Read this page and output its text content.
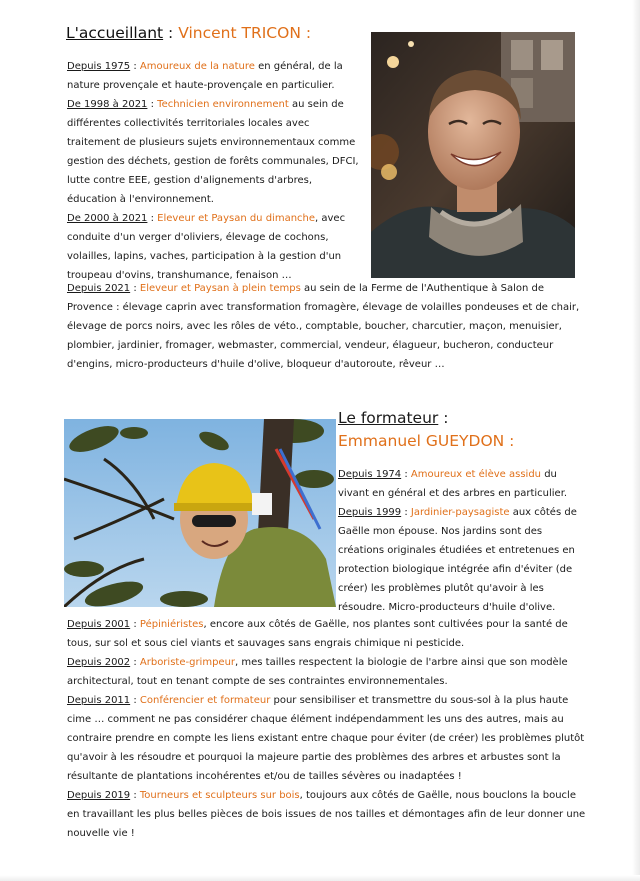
L'accueillant : Vincent TRICON :

Depuis 1975 : Amoureux de la nature en général, de la nature provençale et haute-provençale en particulier.

De 1998 à 2021 : Technicien environnement au sein de différentes collectivités territoriales locales avec traitement de plusieurs sujets environnementaux comme gestion des déchets, gestion de forêts communales, DFCI, lutte contre EEE, gestion d'alignements d'arbres, éducation à l'environnement.

De 2000 à 2021 : Eleveur et Paysan du dimanche, avec conduite d'un verger d'oliviers, élevage de cochons, volailles, lapins, vaches, participation à la gestion d'un troupeau d'ovins, transhumance, fenaison …

Depuis 2021 : Eleveur et Paysan à plein temps au sein de la Ferme de l'Authentique à Salon de Provence : élevage caprin avec transformation fromagère, élevage de volailles pondeuses et de chair, élevage de porcs noirs, avec les rôles de véto., comptable, boucher, charcutier, maçon, menuisier, plombier, jardinier, fromager, webmaster, commercial, vendeur, élagueur, bucheron, conducteur d'engins, micro-producteurs d'huile d'olive, bloqueur d'autoroute, rêveur …

Le formateur :
Emmanuel GUEYDON :

Depuis 1974 : Amoureux et élève assidu du vivant en général et des arbres en particulier.

Depuis 1999 : Jardinier-paysagiste aux côtés de Gaëlle mon épouse. Nos jardins sont des créations originales étudiées et entretenues en protection biologique intégrée afin d'éviter (de créer) les problèmes plutôt qu'avoir à les résoudre. Micro-producteurs d'huile d'olive.

Depuis 2001 : Pépiniéristes, encore aux côtés de Gaëlle, nos plantes sont cultivées pour la santé de tous, sur sol et sous ciel viants et sauvages sans engrais chimique ni pesticide.

Depuis 2002 : Arboriste-grimpeur, mes tailles respectent la biologie de l'arbre ainsi que son modèle architectural, tout en tenant compte de ses contraintes environnementales.

Depuis 2011 : Conférencier et formateur pour sensibiliser et transmettre du sous-sol à la plus haute cime … comment ne pas considérer chaque élément indépendamment les uns des autres, mais au contraire prendre en compte les liens existant entre chaque pour éviter (de créer) les problèmes plutôt qu'avoir à les résoudre et pourquoi la majeure partie des problèmes des arbres et arbustes sont la résultante de plantations incohérentes et/ou de tailles sévères ou inadaptées !

Depuis 2019 : Tourneurs et sculpteurs sur bois, toujours aux côtés de Gaëlle, nous bouclons la boucle en travaillant les plus belles pièces de bois issues de nos tailles et démontages afin de leur donner une nouvelle vie !
